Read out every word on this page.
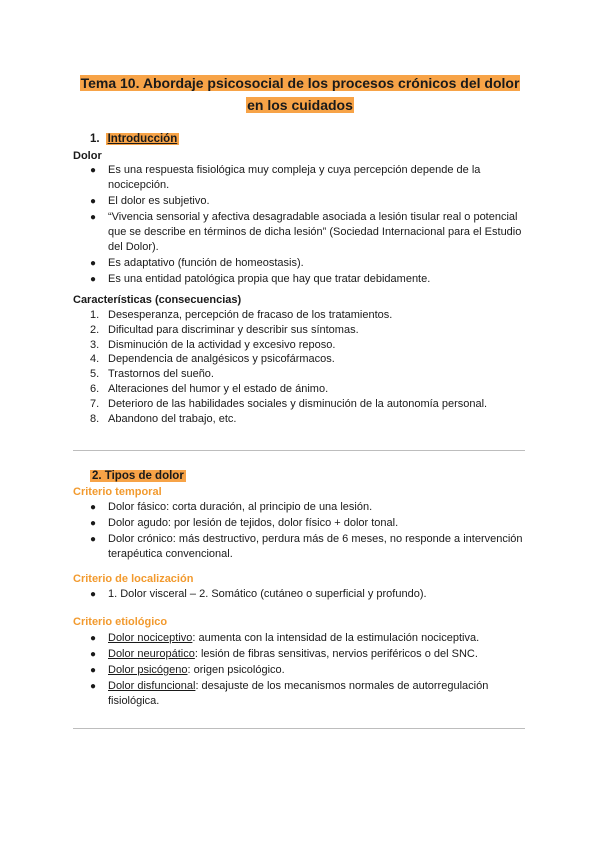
Tema 10. Abordaje psicosocial de los procesos crónicos del dolor
en los cuidados
1. Introducción
Dolor
● Es una respuesta fisiológica muy compleja y cuya percepción depende de la nocicepción.
● El dolor es subjetivo.
● “Vivencia sensorial y afectiva desagradable asociada a lesión tisular real o potencial que se describe en términos de dicha lesión” (Sociedad Internacional para el Estudio del Dolor).
● Es adaptativo (función de homeostasis).
● Es una entidad patológica propia que hay que tratar debidamente.
Características (consecuencias)
1. Desesperanza, percepción de fracaso de los tratamientos.
2. Dificultad para discriminar y describir sus síntomas.
3. Disminución de la actividad y excesivo reposo.
4. Dependencia de analgésicos y psicofármacos.
5. Trastornos del sueño.
6. Alteraciones del humor y el estado de ánimo.
7. Deterioro de las habilidades sociales y disminución de la autonomía personal.
8. Abandono del trabajo, etc.
2. Tipos de dolor
Criterio temporal
● Dolor fásico: corta duración, al principio de una lesión.
● Dolor agudo: por lesión de tejidos, dolor físico + dolor tonal.
● Dolor crónico: más destructivo, perdura más de 6 meses, no responde a intervención terapéutica convencional.
Criterio de localización
● 1. Dolor visceral – 2. Somático (cutáneo o superficial y profundo).
Criterio etiológico
● Dolor nociceptivo: aumenta con la intensidad de la estimulación nociceptiva.
● Dolor neuropático: lesión de fibras sensitivas, nervios periféricos o del SNC.
● Dolor psicógeno: origen psicológico.
● Dolor disfuncional: desajuste de los mecanismos normales de autorregulación fisiológica.
